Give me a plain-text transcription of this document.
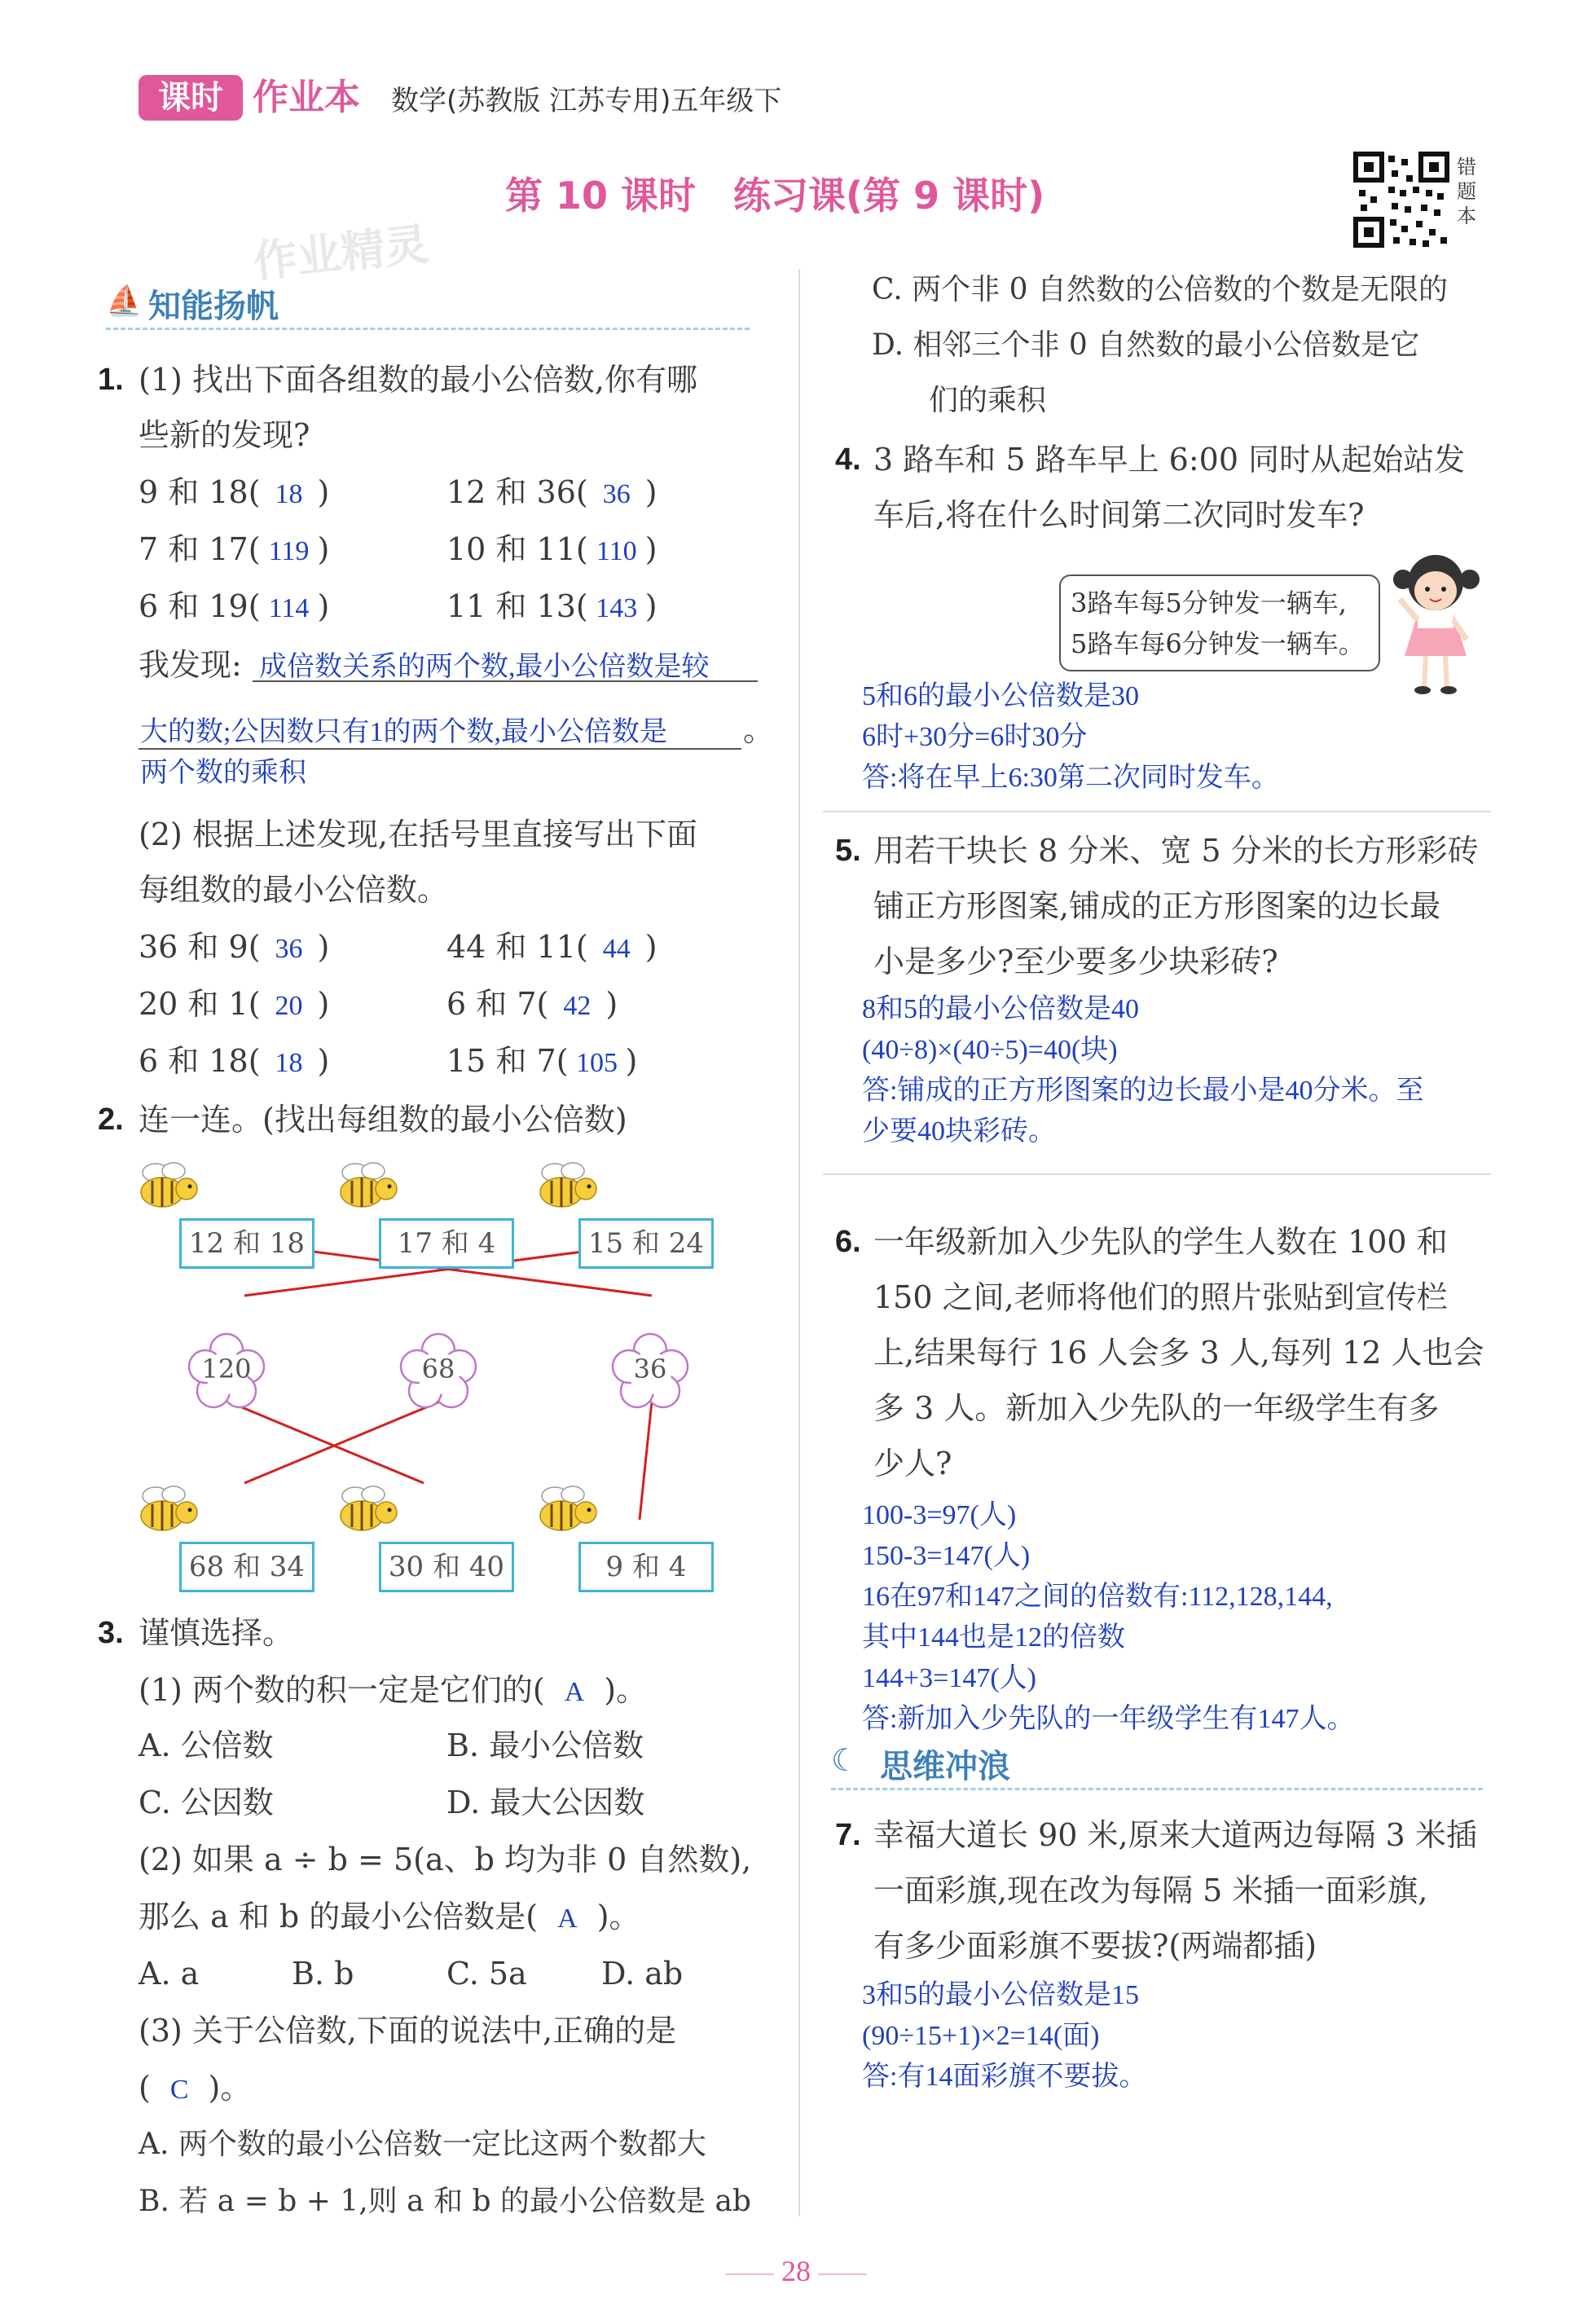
课时 作业本 数学(苏教版 江苏专用)五年级下
第 10 课时　练习课(第 9 课时)
错题本
作业精灵
⛵ 知能扬帆
1. (1) 找出下面各组数的最小公倍数,你有哪
些新的发现?
9 和 18( 18 )	12 和 36( 36 )
7 和 17( 119 )	10 和 11( 110 )
6 和 19( 114 )	11 和 13( 143 )
我发现: 成倍数关系的两个数,最小公倍数是较
大的数;公因数只有1的两个数,最小公倍数是 。
两个数的乘积
(2) 根据上述发现,在括号里直接写出下面
每组数的最小公倍数。
36 和 9( 36 )	44 和 11( 44 )
20 和 1( 20 )	6 和 7( 42 )
6 和 18( 18 )	15 和 7( 105 )
2. 连一连。(找出每组数的最小公倍数)
12 和 18	17 和 4	15 和 24
120	68	36
68 和 34	30 和 40	9 和 4
3. 谨慎选择。
(1) 两个数的积一定是它们的( A )。
A. 公倍数	B. 最小公倍数
C. 公因数	D. 最大公因数
(2) 如果 a ÷ b = 5(a、b 均为非 0 自然数),
那么 a 和 b 的最小公倍数是( A )。
A. a	B. b	C. 5a D. ab
(3) 关于公倍数,下面的说法中,正确的是
( C )。
A. 两个数的最小公倍数一定比这两个数都大
B. 若 a = b + 1,则 a 和 b 的最小公倍数是 ab
C. 两个非 0 自然数的公倍数的个数是无限的
D. 相邻三个非 0 自然数的最小公倍数是它
们的乘积
4. 3 路车和 5 路车早上 6:00 同时从起始站发
车后,将在什么时间第二次同时发车?
3路车每5分钟发一辆车,
5路车每6分钟发一辆车。
5和6的最小公倍数是30
6时+30分=6时30分
答:将在早上6:30第二次同时发车。
5. 用若干块长 8 分米、宽 5 分米的长方形彩砖
铺正方形图案,铺成的正方形图案的边长最
小是多少?至少要多少块彩砖?
8和5的最小公倍数是40
(40÷8)×(40÷5)=40(块)
答:铺成的正方形图案的边长最小是40分米。至
少要40块彩砖。
6. 一年级新加入少先队的学生人数在 100 和
150 之间,老师将他们的照片张贴到宣传栏
上,结果每行 16 人会多 3 人,每列 12 人也会
多 3 人。新加入少先队的一年级学生有多
少人?
100-3=97(人)
150-3=147(人)
16在97和147之间的倍数有:112,128,144,
其中144也是12的倍数
144+3=147(人)
答:新加入少先队的一年级学生有147人。
☾ 思维冲浪
7. 幸福大道长 90 米,原来大道两边每隔 3 米插
一面彩旗,现在改为每隔 5 米插一面彩旗,
有多少面彩旗不要拔?(两端都插)
3和5的最小公倍数是15
(90÷15+1)×2=14(面)
答:有14面彩旗不要拔。
28
